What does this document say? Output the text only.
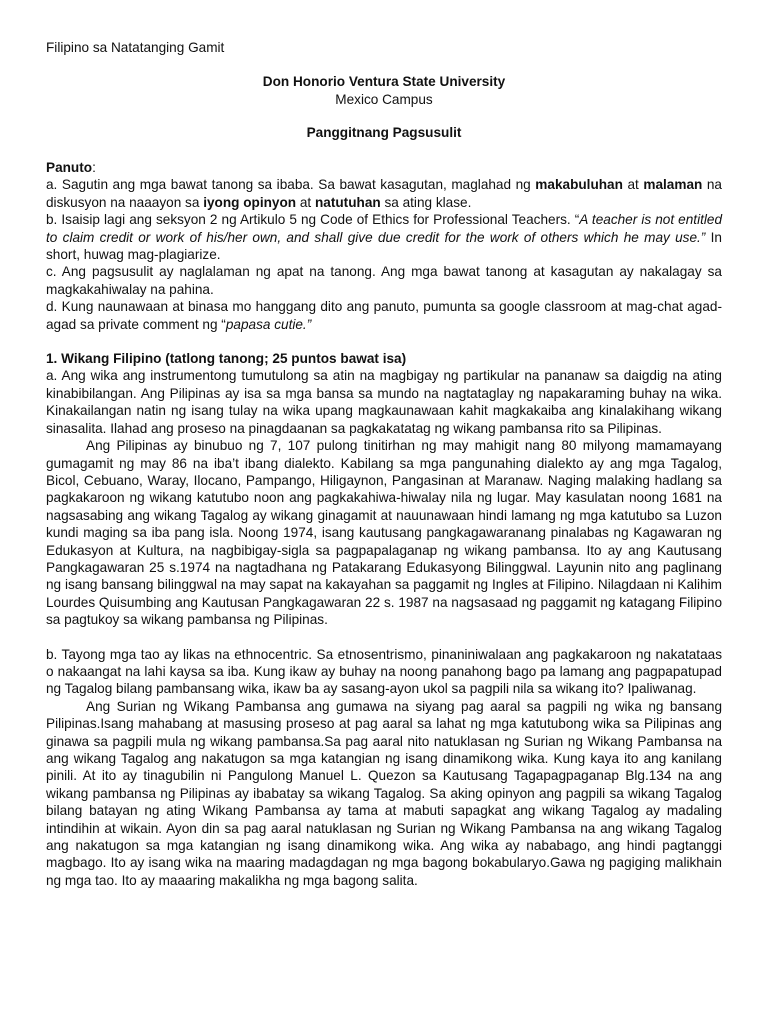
Filipino sa Natatanging Gamit
Don Honorio Ventura State University
Mexico Campus
Panggitnang Pagsusulit

Panuto:

a. Sagutin ang mga bawat tanong sa ibaba. Sa bawat kasagutan, maglahad ng makabuluhan at malaman na diskusyon na naaayon sa iyong opinyon at natutuhan sa ating klase.

b. Isaisip lagi ang seksyon 2 ng Artikulo 5 ng Code of Ethics for Professional Teachers. “A teacher is not entitled to claim credit or work of his/her own, and shall give due credit for the work of others which he may use.” In short, huwag mag-plagiarize.

c. Ang pagsusulit ay naglalaman ng apat na tanong. Ang mga bawat tanong at kasagutan ay nakalagay sa magkakahiwalay na pahina.

d. Kung naunawaan at binasa mo hanggang dito ang panuto, pumunta sa google classroom at mag-chat agad-agad sa private comment ng “papasa cutie.”

1. Wikang Filipino (tatlong tanong; 25 puntos bawat isa)

a. Ang wika ang instrumentong tumutulong sa atin na magbigay ng partikular na pananaw sa daigdig na ating kinabibilangan. Ang Pilipinas ay isa sa mga bansa sa mundo na nagtataglay ng napakaraming buhay na wika. Kinakailangan natin ng isang tulay na wika upang magkaunawaan kahit magkakaiba ang kinalakihang wikang sinasalita. Ilahad ang proseso na pinagdaanan sa pagkakatatag ng wikang pambansa rito sa Pilipinas.

Ang Pilipinas ay binubuo ng 7, 107 pulong tinitirhan ng may mahigit nang 80 milyong mamamayang gumagamit ng may 86 na iba’t ibang dialekto. Kabilang sa mga pangunahing dialekto ay ang mga Tagalog, Bicol, Cebuano, Waray, Ilocano, Pampango, Hiligaynon, Pangasinan at Maranaw. Naging malaking hadlang sa pagkakaroon ng wikang katutubo noon ang pagkakahiwa-hiwalay nila ng lugar. May kasulatan noong 1681 na nagsasabing ang wikang Tagalog ay wikang ginagamit at nauunawaan hindi lamang ng mga katutubo sa Luzon kundi maging sa iba pang isla. Noong 1974, isang kautusang pangkagawaranang pinalabas ng Kagawaran ng Edukasyon at Kultura, na nagbibigay-sigla sa pagpapalaganap ng wikang pambansa. Ito ay ang Kautusang Pangkagawaran 25 s.1974 na nagtadhana ng Patakarang Edukasyong Bilinggwal. Layunin nito ang paglinang ng isang bansang bilinggwal na may sapat na kakayahan sa paggamit ng Ingles at Filipino. Nilagdaan ni Kalihim Lourdes Quisumbing ang Kautusan Pangkagawaran 22 s. 1987 na nagsasaad ng paggamit ng katagang Filipino sa pagtukoy sa wikang pambansa ng Pilipinas.

b. Tayong mga tao ay likas na ethnocentric. Sa etnosentrismo, pinaniniwalaan ang pagkakaroon ng nakatataas o nakaangat na lahi kaysa sa iba. Kung ikaw ay buhay na noong panahong bago pa lamang ang pagpapatupad ng Tagalog bilang pambansang wika, ikaw ba ay sasang-ayon ukol sa pagpili nila sa wikang ito? Ipaliwanag.

Ang Surian ng Wikang Pambansa ang gumawa na siyang pag aaral sa pagpili ng wika ng bansang Pilipinas.Isang mahabang at masusing proseso at pag aaral sa lahat ng mga katutubong wika sa Pilipinas ang ginawa sa pagpili mula ng wikang pambansa.Sa pag aaral nito natuklasan ng Surian ng Wikang Pambansa na ang wikang Tagalog ang nakatugon sa mga katangian ng isang dinamikong wika. Kung kaya ito ang kanilang pinili. At ito ay tinagubilin ni Pangulong Manuel L. Quezon sa Kautusang Tagapagpaganap Blg.134 na ang wikang pambansa ng Pilipinas ay ibabatay sa wikang Tagalog. Sa aking opinyon ang pagpili sa wikang Tagalog bilang batayan ng ating Wikang Pambansa ay tama at mabuti sapagkat ang wikang Tagalog ay madaling intindihin at wikain. Ayon din sa pag aaral natuklasan ng Surian ng Wikang Pambansa na ang wikang Tagalog ang nakatugon sa mga katangian ng isang dinamikong wika. Ang wika ay nababago, ang hindi pagtanggi magbago. Ito ay isang wika na maaring madagdagan ng mga bagong bokabularyo.Gawa ng pagiging malikhain ng mga tao. Ito ay maaaring makalikha ng mga bagong salita.
